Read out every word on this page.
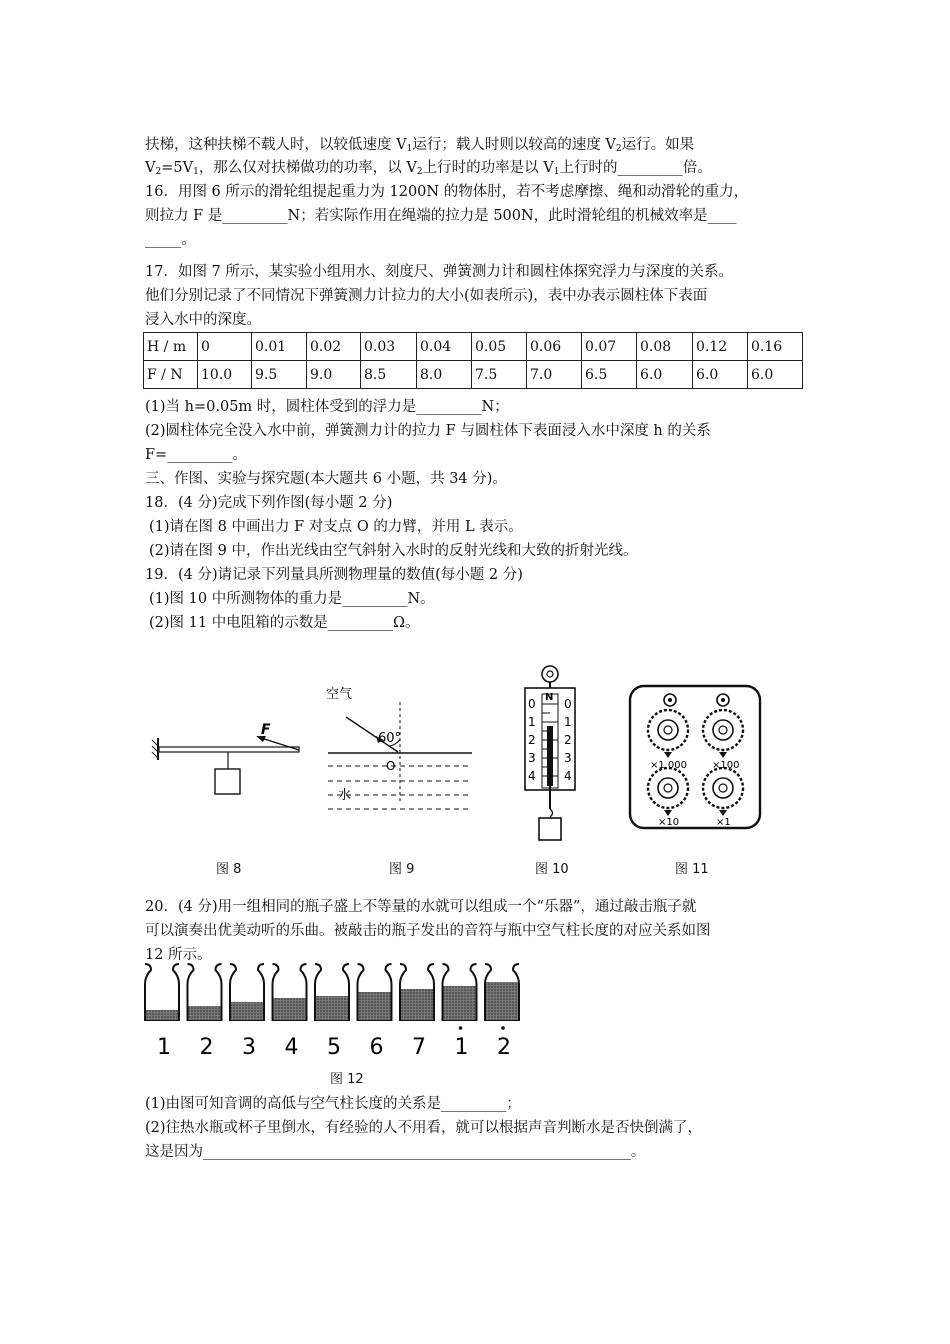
扶梯，这种扶梯不载人时，以较低速度 $V_1$运行；载人时则以较高的速度 $V_2$运行。如果
$V_2=5V_1$，那么仅对扶梯做功的功率，以 $V_2$上行时的功率是以 $V_1$上行时的_________倍。
16．用图 6 所示的滑轮组提起重力为 1200N 的物体肘，若不考虑摩擦、绳和动滑轮的重力，
则拉力 F 是_________N；若实际作用在绳端的拉力是 500N，此时滑轮组的机械效率是____
_____。
17．如图 7 所示，某实验小组用水、刻度尺、弹簧测力计和圆柱体探究浮力与深度的关系。
他们分别记录了不同情况下弹簧测力计拉力的大小(如表所示)，表中办表示圆柱体下表面
浸入水中的深度。
H / m	0	0.01	0.02	0.03	0.04	0.05	0.06	0.07	0.08	0.12	0.16
F / N	10.0	9.5	9.0	8.5	8.0	7.5	7.0	6.5	6.0	6.0	6.0
(1)当 h=0.05m 时，圆柱体受到的浮力是_________N；
(2)圆柱体完全没入水中前，弹簧测力计的拉力 F 与圆柱体下表面浸入水中深度 h 的关系
F=_________。
三、作图、实验与探究题(本大题共 6 小题，共 34 分)。
18．(4 分)完成下列作图(每小题 2 分)
(1)请在图 8 中画出力 F 对支点 O 的力臂，并用 L 表示。
(2)请在图 9 中，作出光线由空气斜射入水时的反射光线和大致的折射光线。
19．(4 分)请记录下列量具所测物理量的数值(每小题 2 分)
(1)图 10 中所测物体的重力是_________N。
(2)图 11 中电阻箱的示数是_________Ω。
F
图 8
空气
60°
O
水
图 9
N
0
1
2
3
4
0
1
2
3
4
图 10
×1 000 ×100
×10	×1
图 11
20．(4 分)用一组相同的瓶子盛上不等量的水就可以组成一个“乐器”，通过敲击瓶子就
可以演奏出优美动听的乐曲。被敲击的瓶子发出的音符与瓶中空气柱长度的对应关系如图
12 所示。
1 2 3 4 5 6 7 1 2
图 12
(1)由图可知音调的高低与空气柱长度的关系是_________；
(2)往热水瓶或杯子里倒水，有经验的人不用看，就可以根据声音判断水是否快倒满了，
这是因为___________________________________________________________。
